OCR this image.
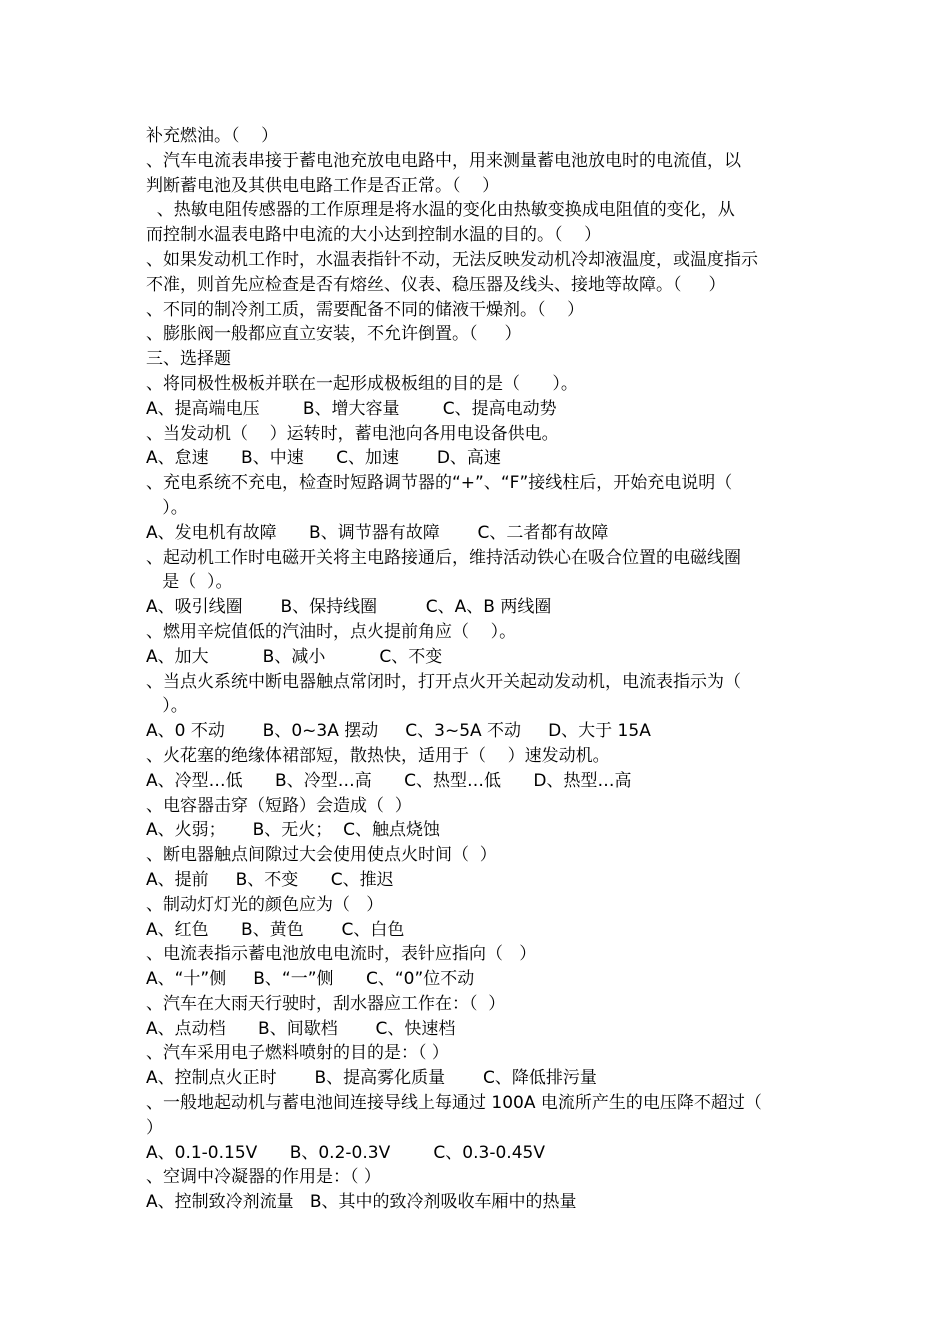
补充燃油。（    ）
、汽车电流表串接于蓄电池充放电电路中，用来测量蓄电池放电时的电流值，以
判断蓄电池及其供电电路工作是否正常。（    ）
、热敏电阻传感器的工作原理是将水温的变化由热敏变换成电阻值的变化，从
而控制水温表电路中电流的大小达到控制水温的目的。（    ）
、如果发动机工作时，水温表指针不动，无法反映发动机冷却液温度，或温度指示
不准，则首先应检查是否有熔丝、仪表、稳压器及线头、接地等故障。（     ）
、不同的制冷剂工质，需要配备不同的储液干燥剂。（    ）
、膨胀阀一般都应直立安装，不允许倒置。（     ）
三、选择题
、将同极性极板并联在一起形成极板组的目的是（      ）。
A、提高端电压        B、增大容量        C、提高电动势
、当发动机（    ）运转时，蓄电池向各用电设备供电。
A、怠速      B、中速      C、加速       D、高速
、充电系统不充电，检查时短路调节器的“+”、“F”接线柱后，开始充电说明（
）。
A、发电机有故障      B、调节器有故障       C、二者都有故障
、起动机工作时电磁开关将主电路接通后，维持活动铁心在吸合位置的电磁线圈
是（  ）。
A、吸引线圈       B、保持线圈         C、A、B 两线圈
、燃用辛烷值低的汽油时，点火提前角应（    ）。
A、加大          B、减小          C、不变
、当点火系统中断电器触点常闭时，打开点火开关起动发动机，电流表指示为（
）。
A、0 不动       B、0~3A 摆动     C、3~5A 不动     D、大于 15A
、火花塞的绝缘体裙部短，散热快，适用于（    ）速发动机。
A、冷型…低      B、冷型…高      C、热型…低      D、热型…高
、电容器击穿（短路）会造成（  ）
A、火弱；     B、无火；  C、触点烧蚀
、断电器触点间隙过大会使用使点火时间（  ）
A、提前     B、不变      C、推迟
、制动灯灯光的颜色应为（   ）
A、红色      B、黄色       C、白色
、电流表指示蓄电池放电电流时，表针应指向（   ）
A、“十”侧     B、“一”侧      C、“0”位不动
、汽车在大雨天行驶时，刮水器应工作在：（  ）
A、点动档      B、间歇档       C、快速档
、汽车采用电子燃料喷射的目的是：（ ）
A、控制点火正时       B、提高雾化质量       C、降低排污量
、一般地起动机与蓄电池间连接导线上每通过 100A 电流所产生的电压降不超过（
）
A、0.1-0.15V      B、0.2-0.3V        C、0.3-0.45V
、空调中冷凝器的作用是：（ ）
A、控制致冷剂流量   B、其中的致冷剂吸收车厢中的热量
